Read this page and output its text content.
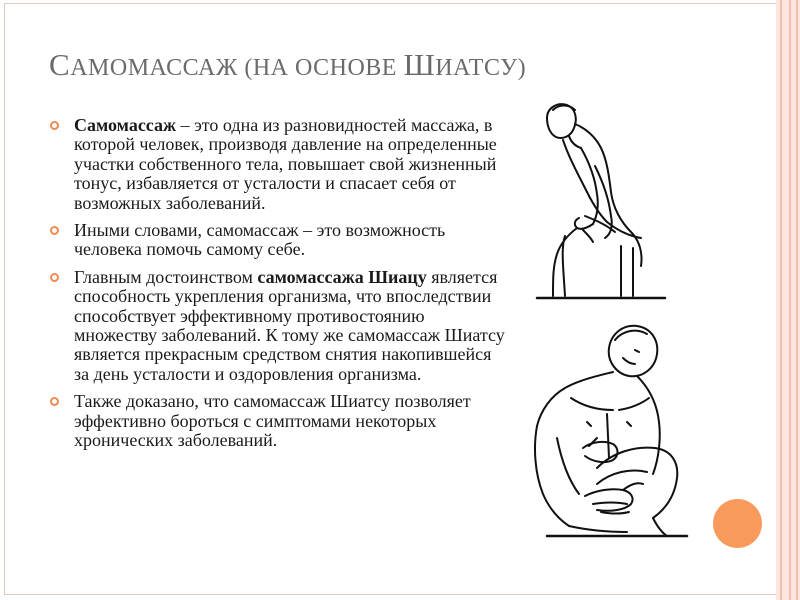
САМОМАССАЖ (НА ОСНОВЕ ШИАТСУ)
Самомассаж – это одна из разновидностей массажа, в которой человек, производя давление на определенные участки собственного тела, повышает свой жизненный тонус, избавляется от усталости и спасает себя от возможных заболеваний.
Иными словами, самомассаж – это возможность человека помочь самому себе.
Главным достоинством самомассажа Шиацу является способность укрепления организма, что впоследствии способствует эффективному противостоянию множеству заболеваний. К тому же самомассаж Шиатсу является прекрасным средством снятия накопившейся за день усталости и оздоровления организма.
Также доказано, что самомассаж Шиатсу позволяет эффективно бороться с симптомами некоторых хронических заболеваний.
